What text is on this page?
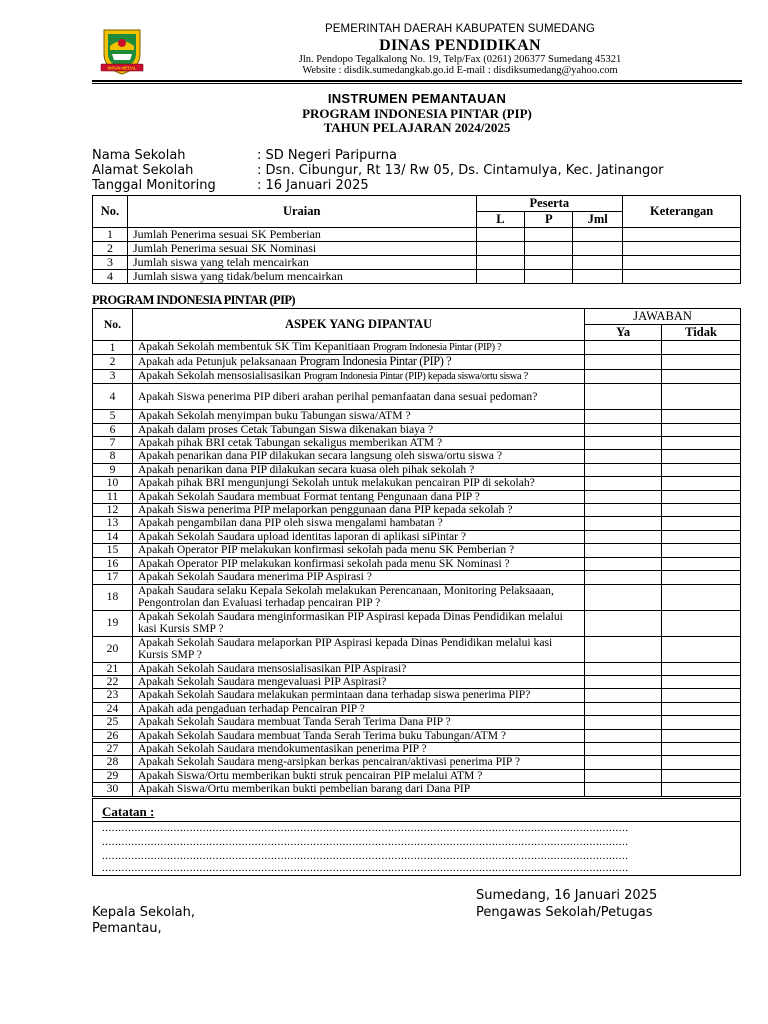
INSUN MEDAL
PEMERINTAH DAERAH KABUPATEN SUMEDANG
DINAS PENDIDIKAN
Jln. Pendopo Tegalkalong No. 19, Telp/Fax (0261) 206377 Sumedang 45321
Website : disdik.sumedangkab.go.id E-mail : disdiksumedang@yahoo.com
INSTRUMEN PEMANTAUAN
PROGRAM INDONESIA PINTAR (PIP)
TAHUN PELAJARAN 2024/2025
Nama Sekolah	: SD Negeri Paripurna
Alamat Sekolah	: Dsn. Cibungur, Rt 13/ Rw 05, Ds. Cintamulya, Kec. Jatinangor
Tanggal Monitoring	: 16 Januari 2025
No.	Uraian	Peserta			Keterangan
		L	P	Jml	
1	Jumlah Penerima sesuai SK Pemberian				
2	Jumlah Penerima sesuai SK Nominasi				
3	Jumlah siswa yang telah mencairkan				
4	Jumlah siswa yang tidak/belum mencairkan				
PROGRAM INDONESIA PINTAR (PIP)
No.	ASPEK YANG DIPANTAU	JAWABAN	
		Ya	Tidak
1	Apakah Sekolah membentuk SK Tim Kepanitiaan Program Indonesia Pintar (PIP) ?		
2	Apakah ada Petunjuk pelaksanaan Program Indonesia Pintar (PIP) ?		
3	Apakah Sekolah mensosialisasikan Program Indonesia Pintar (PIP) kepada siswa/ortu siswa ?		
4	Apakah Siswa penerima PIP diberi arahan perihal pemanfaatan dana sesuai pedoman?		
5	Apakah Sekolah menyimpan buku Tabungan siswa/ATM ?		
6	Apakah dalam proses Cetak Tabungan Siswa dikenakan biaya ?		
7	Apakah pihak BRI cetak Tabungan sekaligus memberikan ATM ?		
8	Apakah penarikan dana PIP dilakukan secara langsung oleh siswa/ortu siswa ?		
9	Apakah penarikan dana PIP dilakukan secara kuasa oleh pihak sekolah ?		
10	Apakah pihak BRI mengunjungi Sekolah untuk melakukan pencairan PIP di sekolah?		
11	Apakah Sekolah Saudara membuat Format tentang Pengunaan dana PIP ?		
12	Apakah Siswa penerima PIP melaporkan penggunaan dana PIP kepada sekolah ?		
13	Apakah pengambilan dana PIP oleh siswa mengalami hambatan ?		
14	Apakah Sekolah Saudara upload identitas laporan di aplikasi siPintar ?		
15	Apakah Operator PIP melakukan konfirmasi sekolah pada menu SK Pemberian ?		
16	Apakah Operator PIP melakukan konfirmasi sekolah pada menu SK Nominasi ?		
17	Apakah Sekolah Saudara menerima PIP Aspirasi ?		
18	Apakah Saudara selaku Kepala Sekolah melakukan Perencanaan, Monitoring Pelaksaaan, Pengontrolan dan Evaluasi terhadap pencairan PIP ?		
19	Apakah Sekolah Saudara menginformasikan PIP Aspirasi kepada Dinas Pendidikan melalui kasi Kursis SMP ?		
20	Apakah Sekolah Saudara melaporkan PIP Aspirasi kepada Dinas Pendidikan melalui kasi Kursis SMP ?		
21	Apakah Sekolah Saudara mensosialisasikan PIP Aspirasi?		
22	Apakah Sekolah Saudara mengevaluasi PIP Aspirasi?		
23	Apakah Sekolah Saudara melakukan permintaan dana terhadap siswa penerima PIP?		
24	Apakah ada pengaduan terhadap Pencairan PIP ?		
25	Apakah Sekolah Saudara membuat Tanda Serah Terima Dana PIP ?		
26	Apakah Sekolah Saudara membuat Tanda Serah Terima buku Tabungan/ATM ?		
27	Apakah Sekolah Saudara mendokumentasikan penerima PIP ?		
28	Apakah Sekolah Saudara meng-arsipkan berkas pencairan/aktivasi penerima PIP ?		
29	Apakah Siswa/Ortu memberikan bukti struk pencairan PIP melalui ATM ?		
30	Apakah Siswa/Ortu memberikan bukti pembelian barang dari Dana PIP		
Catatan :
..................................................................................................................................................................
..................................................................................................................................................................
..................................................................................................................................................................
..................................................................................................................................................................
Sumedang, 16 Januari 2025
Kepala Sekolah,	Pengawas Sekolah/Petugas
Pemantau,
